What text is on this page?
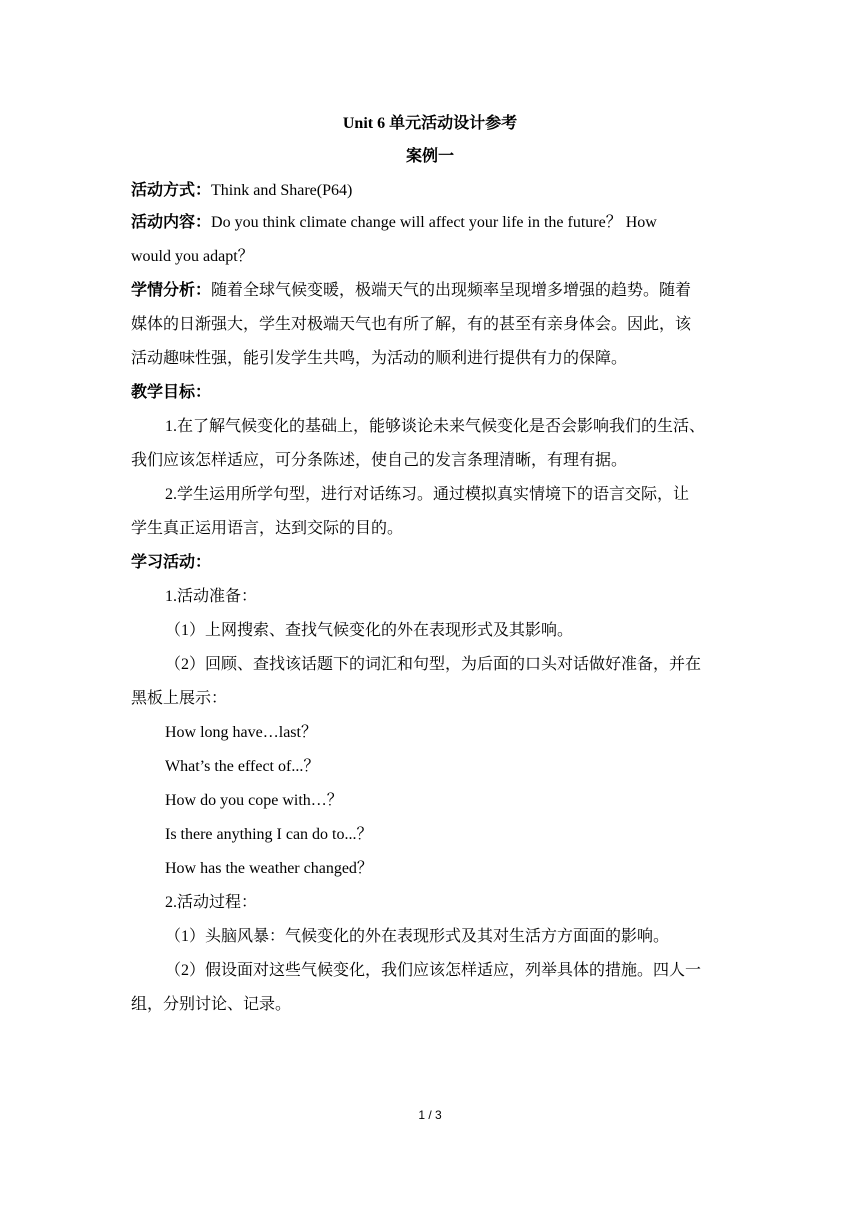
Unit 6 单元活动设计参考
案例一
活动方式：Think and Share(P64)
活动内容：Do you think climate change will affect your life in the future？ How
would you adapt？
学情分析：随着全球气候变暖，极端天气的出现频率呈现增多增强的趋势。随着
媒体的日渐强大，学生对极端天气也有所了解，有的甚至有亲身体会。因此，该
活动趣味性强，能引发学生共鸣，为活动的顺利进行提供有力的保障。
教学目标：
1.在了解气候变化的基础上，能够谈论未来气候变化是否会影响我们的生活、
我们应该怎样适应，可分条陈述，使自己的发言条理清晰，有理有据。
2.学生运用所学句型，进行对话练习。通过模拟真实情境下的语言交际，让
学生真正运用语言，达到交际的目的。
学习活动：
1.活动准备：
（1）上网搜索、查找气候变化的外在表现形式及其影响。
（2）回顾、查找该话题下的词汇和句型，为后面的口头对话做好准备，并在
黑板上展示：
How long have…last？
What’s the effect of...？
How do you cope with…？
Is there anything I can do to...？
How has the weather changed？
2.活动过程：
（1）头脑风暴：气候变化的外在表现形式及其对生活方方面面的影响。
（2）假设面对这些气候变化，我们应该怎样适应，列举具体的措施。四人一
组，分别讨论、记录。
1 / 3
